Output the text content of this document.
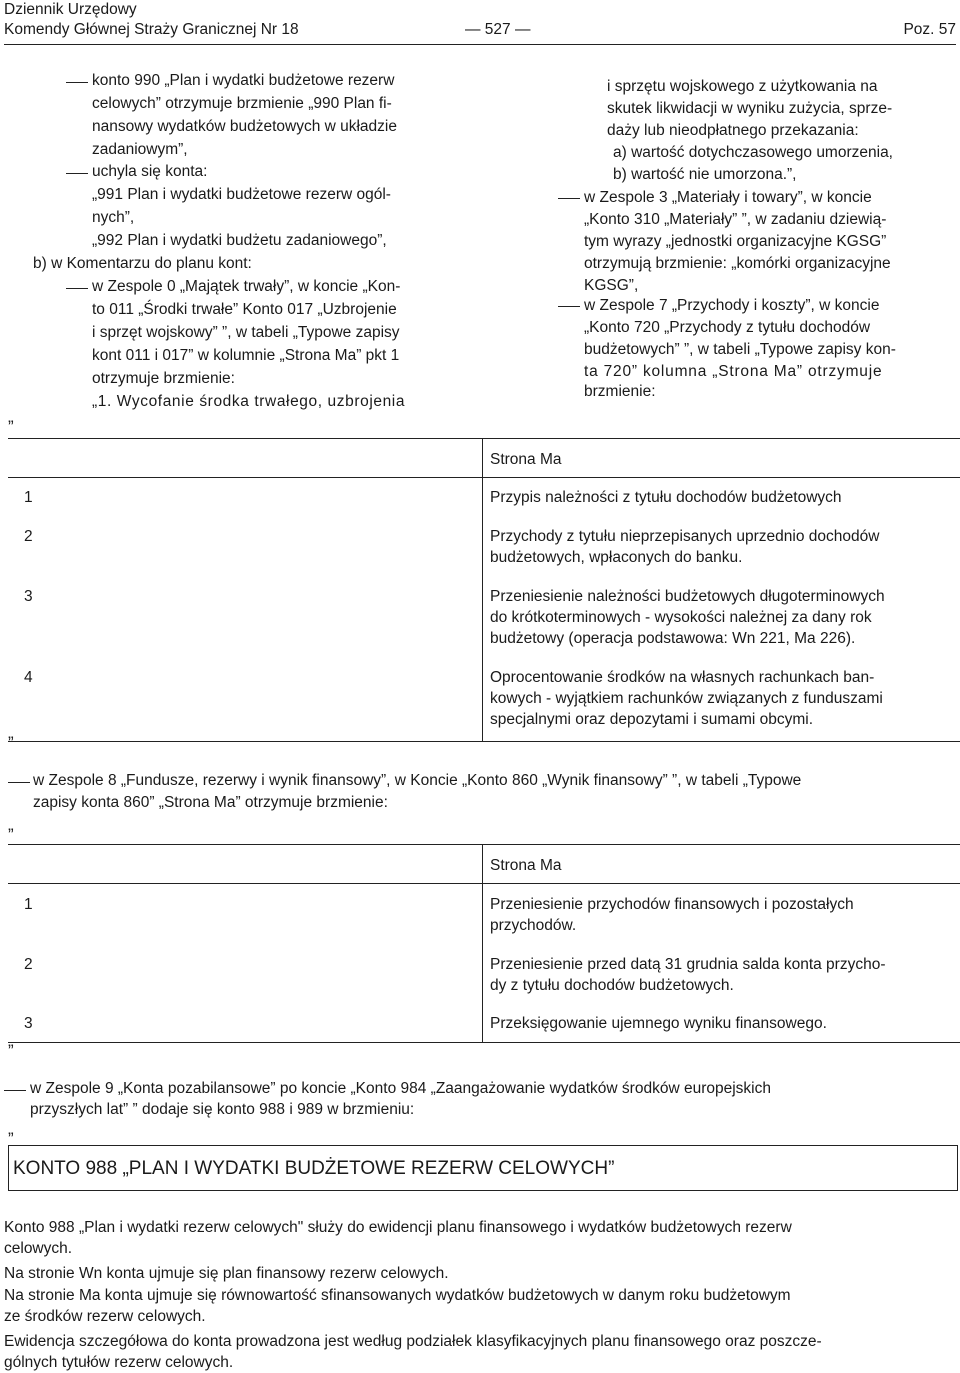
Dziennik Urzędowy
Komendy Głównej Straży Granicznej Nr 18	— 527 —	Poz. 57
konto 990 „Plan i wydatki budżetowe rezerw
celowych” otrzymuje brzmienie „990 Plan fi-
nansowy wydatków budżetowych w układzie
zadaniowym”,
uchyla się konta:
„991 Plan i wydatki budżetowe rezerw ogól-
nych”,
„992 Plan i wydatki budżetu zadaniowego”,
b) w Komentarzu do planu kont:
w Zespole 0 „Majątek trwały”, w koncie „Kon-
to 011 „Środki trwałe” Konto 017 „Uzbrojenie
i sprzęt wojskowy” ”, w tabeli „Typowe zapisy
kont 011 i 017” w kolumnie „Strona Ma” pkt 1
otrzymuje brzmienie:
„1. Wycofanie środka trwałego, uzbrojenia
i sprzętu wojskowego z użytkowania na
skutek likwidacji w wyniku zużycia, sprze-
daży lub nieodpłatnego przekazania:
a) wartość dotychczasowego umorzenia,
b) wartość nie umorzona.”,
w Zespole 3 „Materiały i towary”, w koncie
„Konto 310 „Materiały” ”, w zadaniu dziewią-
tym wyrazy „jednostki organizacyjne KGSG”
otrzymują brzmienie: „komórki organizacyjne
KGSG”,
w Zespole 7 „Przychody i koszty”, w koncie
„Konto 720 „Przychody z tytułu dochodów
budżetowych” ”, w tabeli „Typowe zapisy kon-
ta 720” kolumna „Strona Ma” otrzymuje
brzmienie:
”
Strona Ma
1	Przypis należności z tytułu dochodów budżetowych
2	Przychody z tytułu nieprzepisanych uprzednio dochodów
budżetowych, wpłaconych do banku.
3	Przeniesienie należności budżetowych długoterminowych
do krótkoterminowych - wysokości należnej za dany rok
budżetowy (operacja podstawowa: Wn 221, Ma 226).
4	Oprocentowanie środków na własnych rachunkach ban-
kowych - wyjątkiem rachunków związanych z funduszami
specjalnymi oraz depozytami i sumami obcymi.
”
w Zespole 8 „Fundusze, rezerwy i wynik finansowy”, w Koncie „Konto 860 „Wynik finansowy” ”, w tabeli „Typowe
zapisy konta 860” „Strona Ma” otrzymuje brzmienie:
”
Strona Ma
1	Przeniesienie przychodów finansowych i pozostałych
przychodów.
2	Przeniesienie przed datą 31 grudnia salda konta przycho-
dy z tytułu dochodów budżetowych.
3	Przeksięgowanie ujemnego wyniku finansowego.
”
w Zespole 9 „Konta pozabilansowe” po koncie „Konto 984 „Zaangażowanie wydatków środków europejskich
przyszłych lat” ” dodaje się konto 988 i 989 w brzmieniu:
”
KONTO 988 „PLAN I WYDATKI BUDŻETOWE REZERW CELOWYCH”
Konto 988 „Plan i wydatki rezerw celowych" służy do ewidencji planu finansowego i wydatków budżetowych rezerw
celowych.
Na stronie Wn konta ujmuje się plan finansowy rezerw celowych.
Na stronie Ma konta ujmuje się równowartość sfinansowanych wydatków budżetowych w danym roku budżetowym
ze środków rezerw celowych.
Ewidencja szczegółowa do konta prowadzona jest według podziałek klasyfikacyjnych planu finansowego oraz poszcze-
gólnych tytułów rezerw celowych.
